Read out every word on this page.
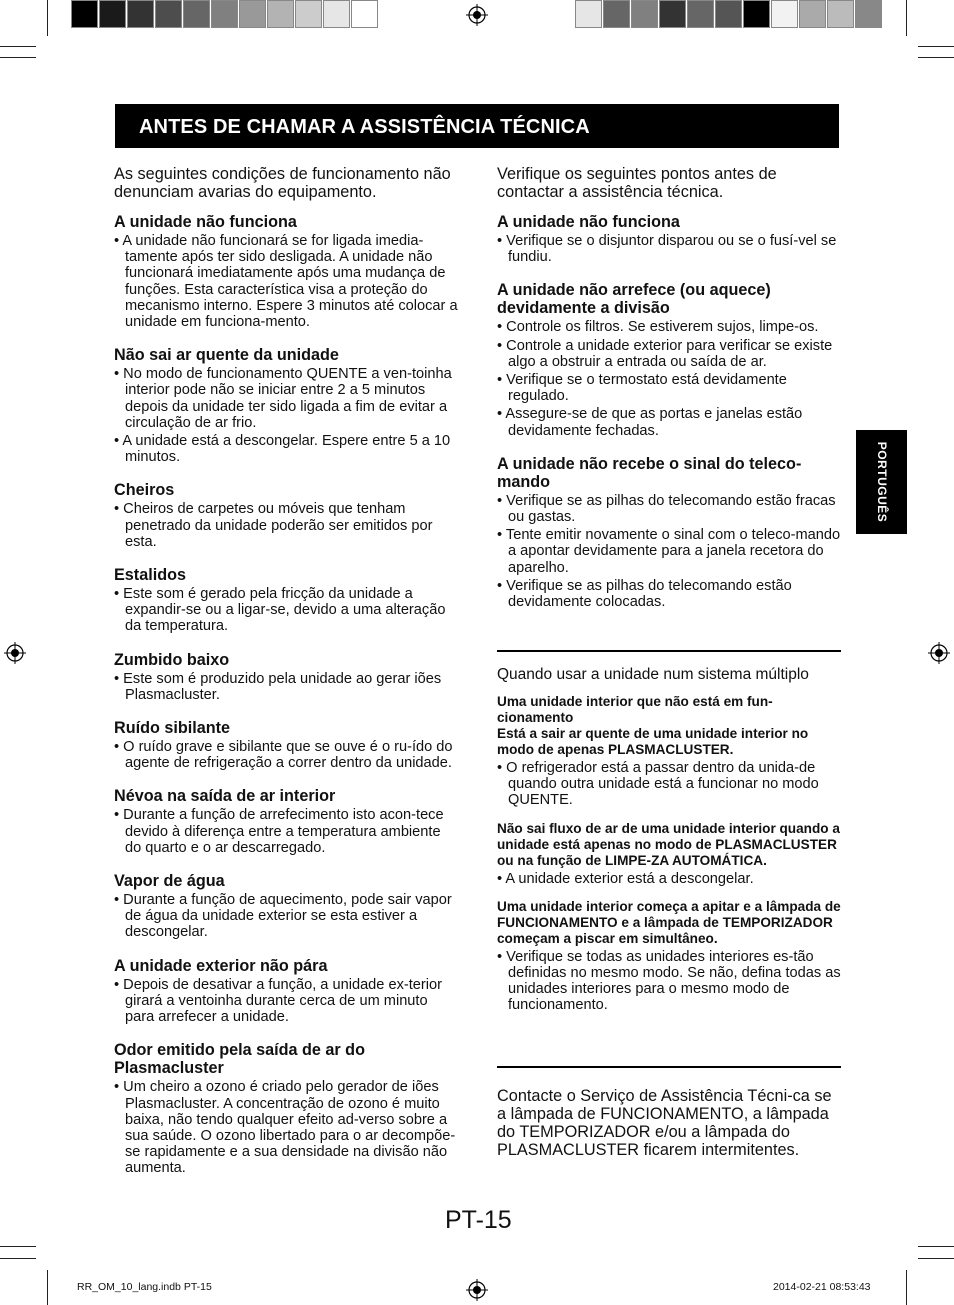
ANTES DE CHAMAR A ASSISTÊNCIA TÉCNICA
PORTUGUÊS
As seguintes condições de funcionamento não denunciam avarias do equipamento.
A unidade não funciona
• A unidade não funcionará se for ligada imedia-tamente após ter sido desligada. A unidade não funcionará imediatamente após uma mudança de funções. Esta característica visa a proteção do mecanismo interno. Espere 3 minutos até colocar a unidade em funciona-mento.
Não sai ar quente da unidade
• No modo de funcionamento QUENTE a ven-toinha interior pode não se iniciar entre 2 a 5 minutos depois da unidade ter sido ligada a fim de evitar a circulação de ar frio.
• A unidade está a descongelar. Espere entre 5 a 10 minutos.
Cheiros
• Cheiros de carpetes ou móveis que tenham penetrado da unidade poderão ser emitidos por esta.
Estalidos
• Este som é gerado pela fricção da unidade a expandir-se ou a ligar-se, devido a uma alteração da temperatura.
Zumbido baixo
• Este som é produzido pela unidade ao gerar iões Plasmacluster.
Ruído sibilante
• O ruído grave e sibilante que se ouve é o ru-ído do agente de refrigeração a correr dentro da unidade.
Névoa na saída de ar interior
• Durante a função de arrefecimento isto acon-tece devido à diferença entre a temperatura ambiente do quarto e o ar descarregado.
Vapor de água
• Durante a função de aquecimento, pode sair vapor de água da unidade exterior se esta estiver a descongelar.
A unidade exterior não pára
• Depois de desativar a função, a unidade ex-terior girará a ventoinha durante cerca de um minuto para arrefecer a unidade.
Odor emitido pela saída de ar do Plasmacluster
• Um cheiro a ozono é criado pelo gerador de iões Plasmacluster. A concentração de ozono é muito baixa, não tendo qualquer efeito ad-verso sobre a sua saúde. O ozono libertado para o ar decompõe-se rapidamente e a sua densidade na divisão não aumenta.
Verifique os seguintes pontos antes de contactar a assistência técnica.
A unidade não funciona
• Verifique se o disjuntor disparou ou se o fusí-vel se fundiu.
A unidade não arrefece (ou aquece) devidamente a divisão
• Controle os filtros. Se estiverem sujos, limpe-os.
• Controle a unidade exterior para verificar se existe algo a obstruir a entrada ou saída de ar.
• Verifique se o termostato está devidamente regulado.
• Assegure-se de que as portas e janelas estão devidamente fechadas.
A unidade não recebe o sinal do teleco-mando
• Verifique se as pilhas do telecomando estão fracas ou gastas.
• Tente emitir novamente o sinal com o teleco-mando a apontar devidamente para a janela recetora do aparelho.
• Verifique se as pilhas do telecomando estão devidamente colocadas.
Quando usar a unidade num sistema múltiplo
Uma unidade interior que não está em fun-cionamento
Está a sair ar quente de uma unidade interior no modo de apenas PLASMACLUSTER.
• O refrigerador está a passar dentro da unida-de quando outra unidade está a funcionar no modo QUENTE.
Não sai fluxo de ar de uma unidade interior quando a unidade está apenas no modo de PLASMACLUSTER ou na função de LIMPE-ZA AUTOMÁTICA.
• A unidade exterior está a descongelar.
Uma unidade interior começa a apitar e a lâmpada de FUNCIONAMENTO e a lâmpada de TEMPORIZADOR começam a piscar em simultâneo.
• Verifique se todas as unidades interiores es-tão definidas no mesmo modo. Se não, defina todas as unidades interiores para o mesmo modo de funcionamento.
Contacte o Serviço de Assistência Técni-ca se a lâmpada de FUNCIONAMENTO, a lâmpada do TEMPORIZADOR e/ou a lâmpada do PLASMACLUSTER ficarem intermitentes.
PT-15
RR_OM_10_lang.indb PT-15	2014-02-21 08:53:43
